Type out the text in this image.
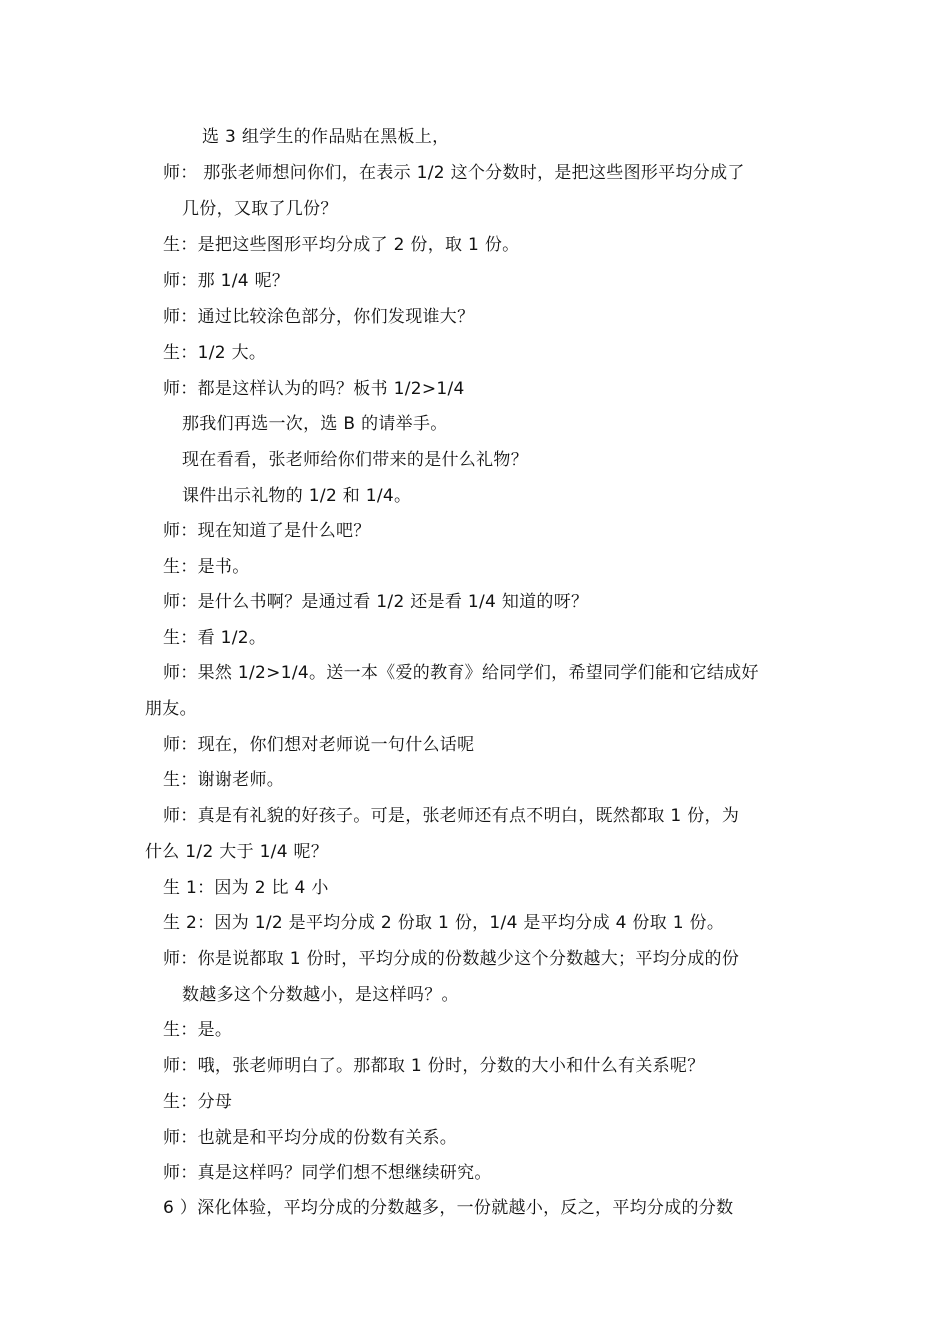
选 3 组学生的作品贴在黑板上，
师： 那张老师想问你们，在表示 1/2 这个分数时，是把这些图形平均分成了
几份，又取了几份？
生：是把这些图形平均分成了 2 份，取 1 份。
师：那 1/4 呢？
师：通过比较涂色部分，你们发现谁大？
生：1/2 大。
师：都是这样认为的吗？板书 1/2>1/4
那我们再选一次，选 B 的请举手。
现在看看，张老师给你们带来的是什么礼物？
课件出示礼物的 1/2 和 1/4。
师：现在知道了是什么吧？
生：是书。
师：是什么书啊？是通过看 1/2 还是看 1/4 知道的呀？
生：看 1/2。
师：果然 1/2>1/4。送一本《爱的教育》给同学们，希望同学们能和它结成好
朋友。
师：现在，你们想对老师说一句什么话呢
生：谢谢老师。
师：真是有礼貌的好孩子。可是，张老师还有点不明白，既然都取 1 份，为
什么 1/2 大于 1/4 呢？
生 1：因为 2 比 4 小
生 2：因为 1/2 是平均分成 2 份取 1 份，1/4 是平均分成 4 份取 1 份。
师：你是说都取 1 份时，平均分成的份数越少这个分数越大；平均分成的份
数越多这个分数越小，是这样吗？。
生：是。
师：哦，张老师明白了。那都取 1 份时，分数的大小和什么有关系呢？
生：分母
师：也就是和平均分成的份数有关系。
师：真是这样吗？同学们想不想继续研究。
6 ）深化体验，平均分成的分数越多，一份就越小，反之，平均分成的分数
